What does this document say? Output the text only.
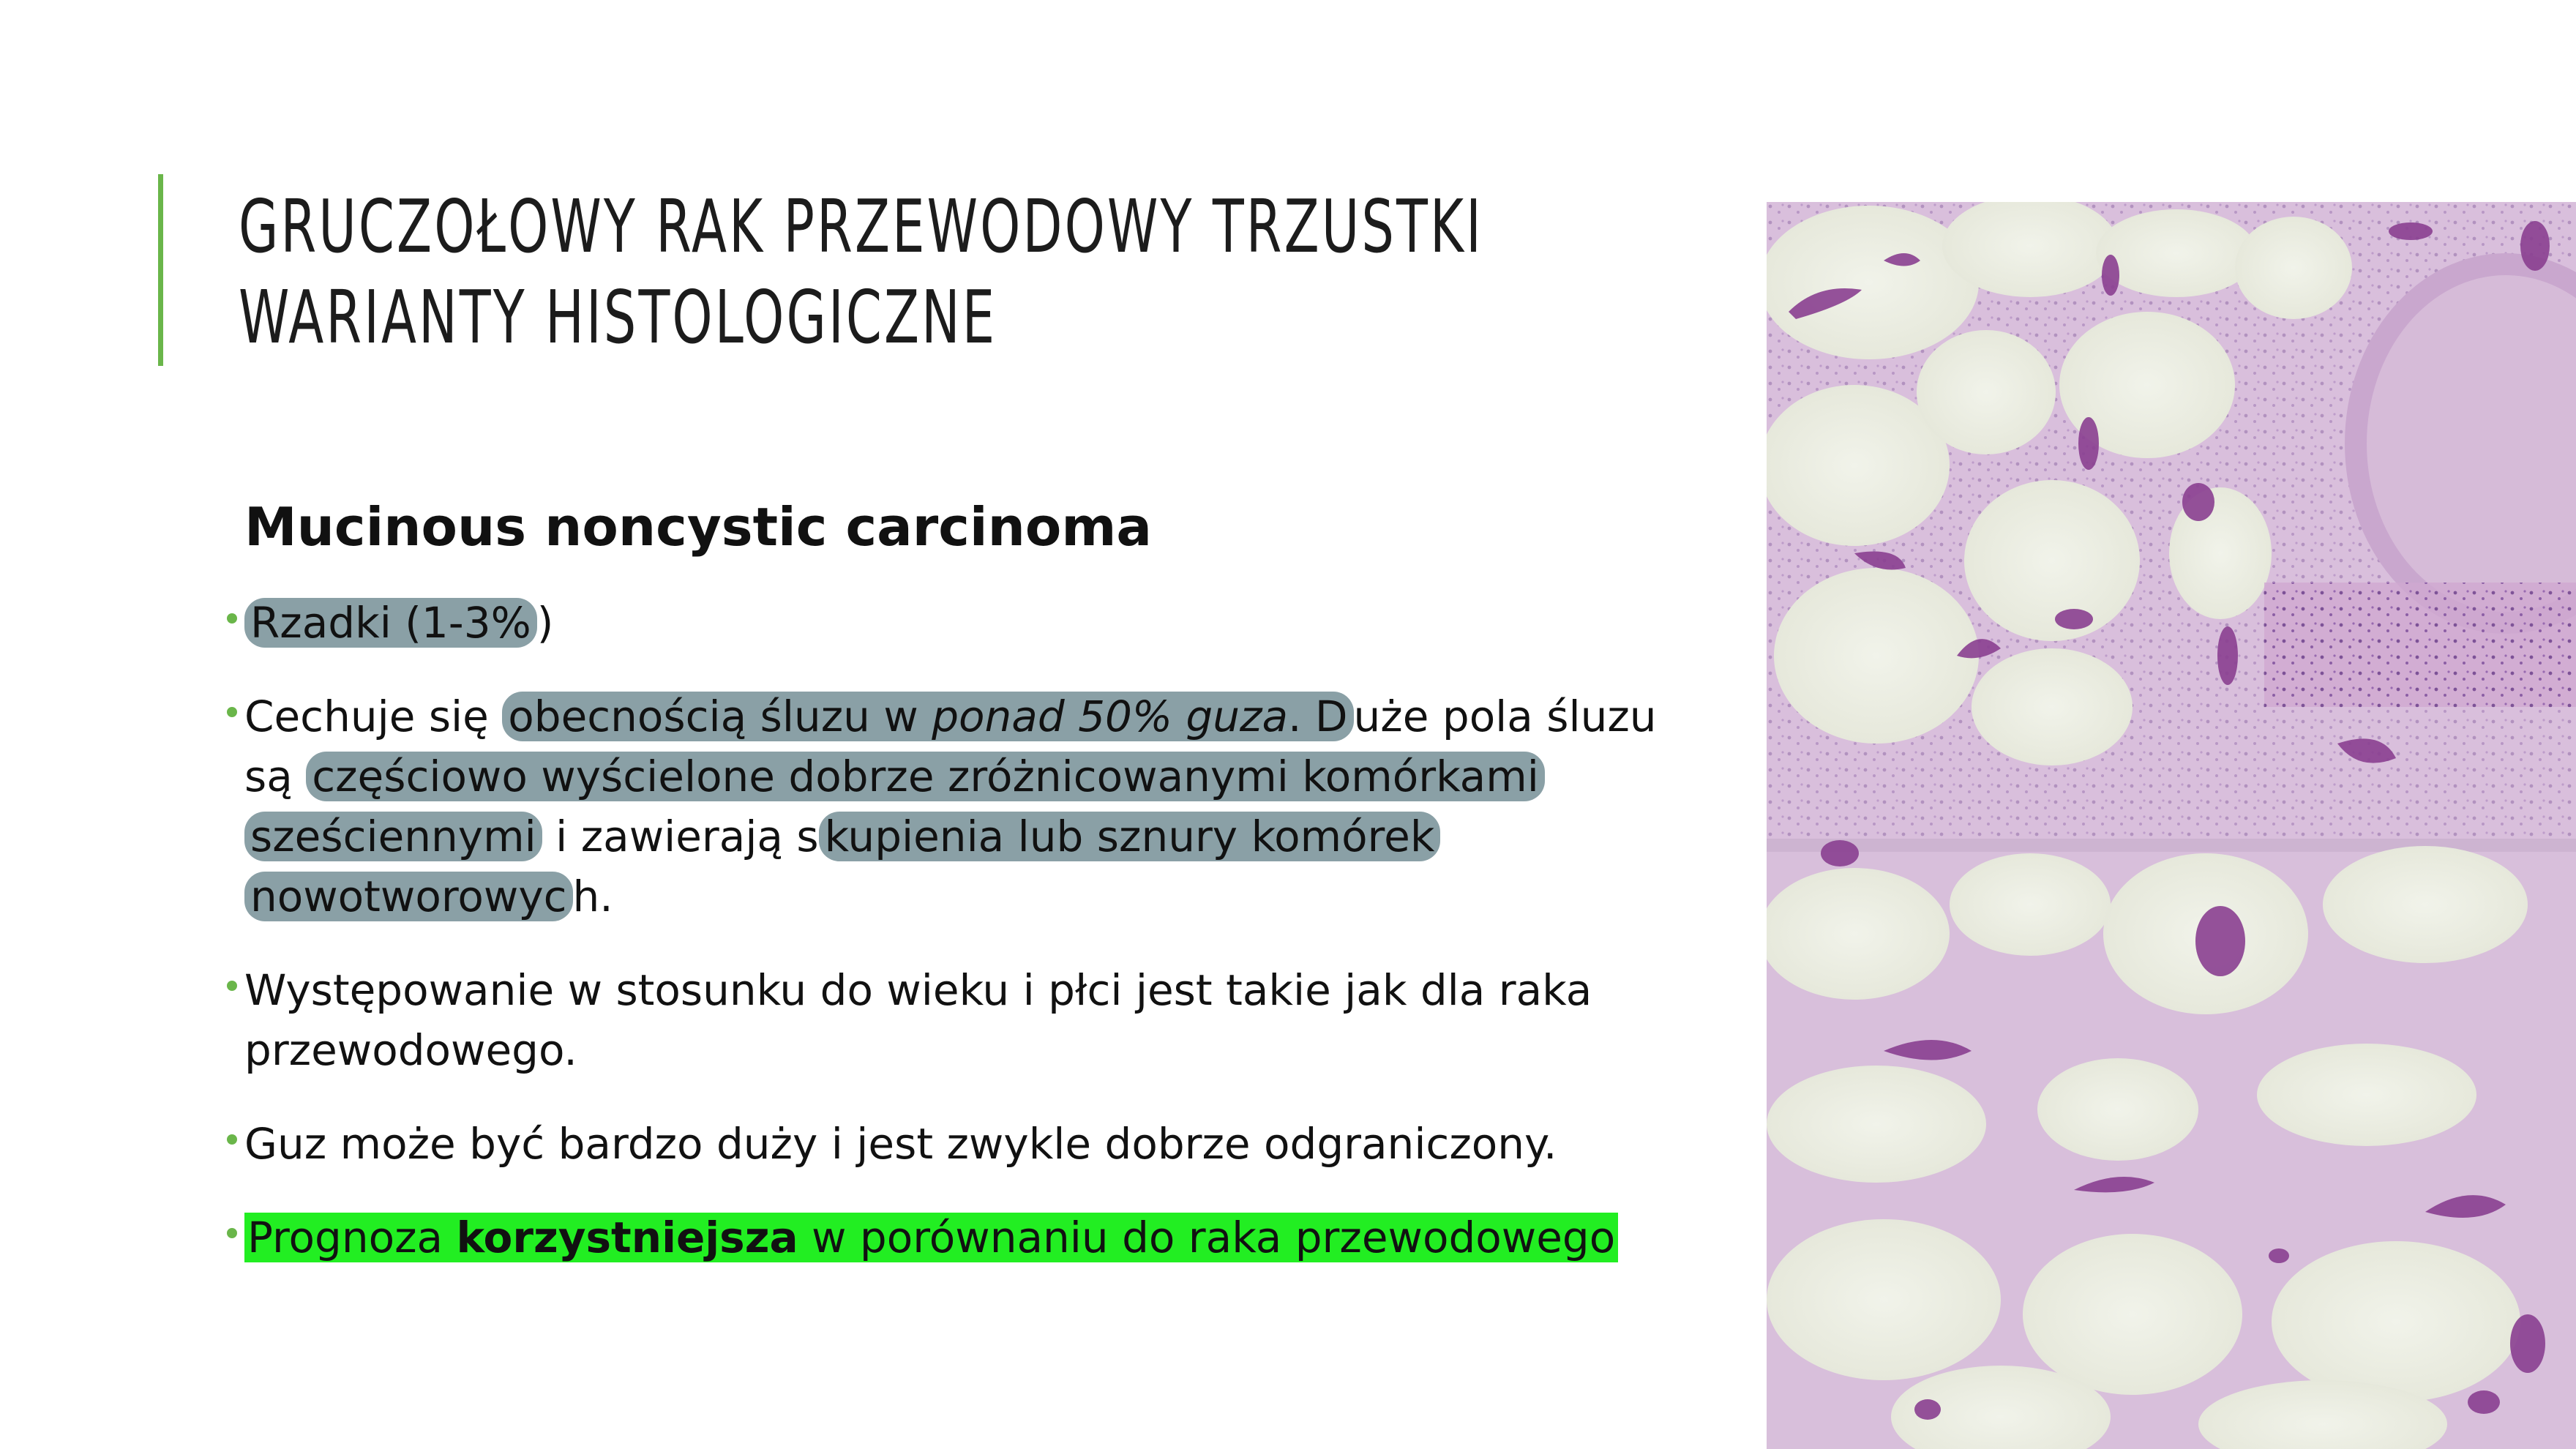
GRUCZOŁOWY RAK PRZEWODOWY TRZUSTKI
WARIANTY HISTOLOGICZNE
Mucinous noncystic carcinoma
Rzadki (1-3% )
Cechuje się obecnością śluzu w ponad 50% guza. D uże pola śluzu są częściowo wyścielone dobrze zróżnicowanymi komórkami sześciennymi i zawierają s kupienia lub sznury komórek nowotworowyc h.
Występowanie w stosunku do wieku i płci jest takie jak dla raka przewodowego.
Guz może być bardzo duży i jest zwykle dobrze odgraniczony.
Prognoza korzystniejsza w porównaniu do raka przewodowego
